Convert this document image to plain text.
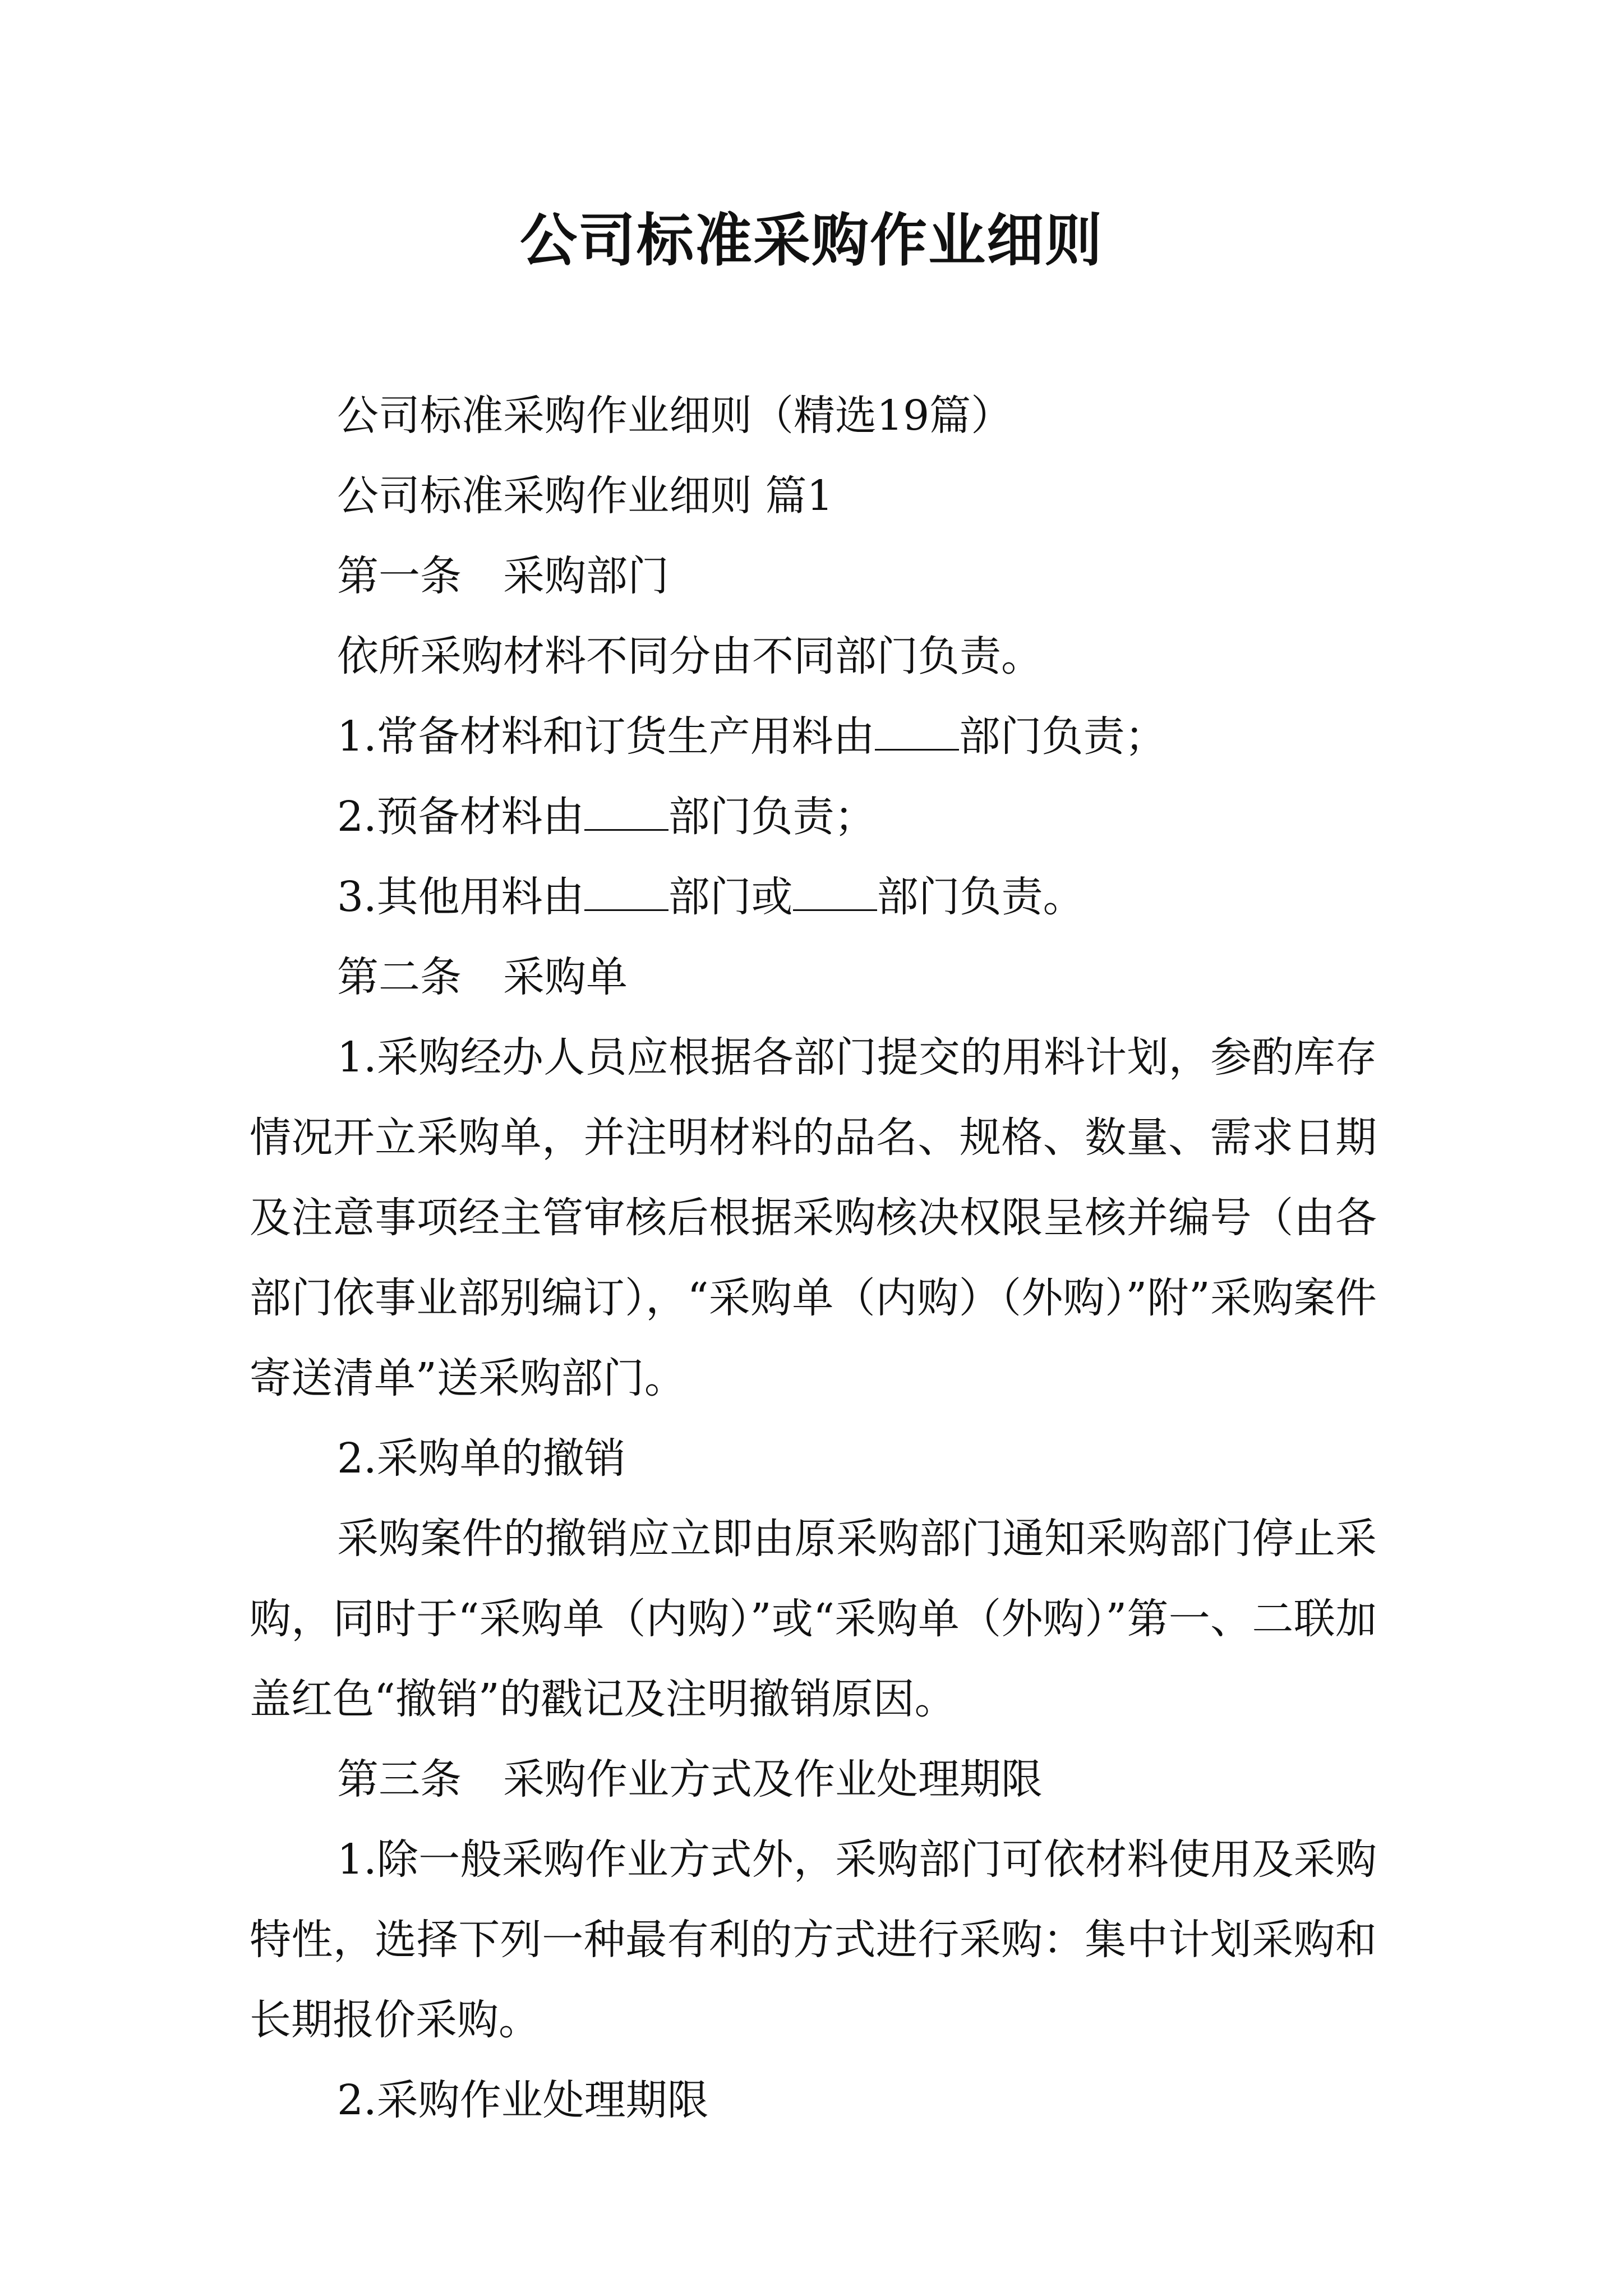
公司标准采购作业细则

公司标准采购作业细则（精选19篇）

公司标准采购作业细则 篇1

第一条 采购部门

依所采购材料不同分由不同部门负责。

1.常备材料和订货生产用料由 部门负责；

2.预备材料由 部门负责；

3.其他用料由 部门或 部门负责。

第二条 采购单

1.采购经办人员应根据各部门提交的用料计划，参酌库存情况开立采购单，并注明材料的品名、规格、数量、需求日期及注意事项经主管审核后根据采购核决权限呈核并编号（由各部门依事业部别编订），“采购单（内购）（外购）”附”采购案件寄送清单”送采购部门。

2.采购单的撤销

采购案件的撤销应立即由原采购部门通知采购部门停止采购，同时于“采购单（内购）”或“采购单（外购）”第一、二联加盖红色“撤销”的戳记及注明撤销原因。

第三条 采购作业方式及作业处理期限

1.除一般采购作业方式外，采购部门可依材料使用及采购特性，选择下列一种最有利的方式进行采购：集中计划采购和长期报价采购。

2.采购作业处理期限
